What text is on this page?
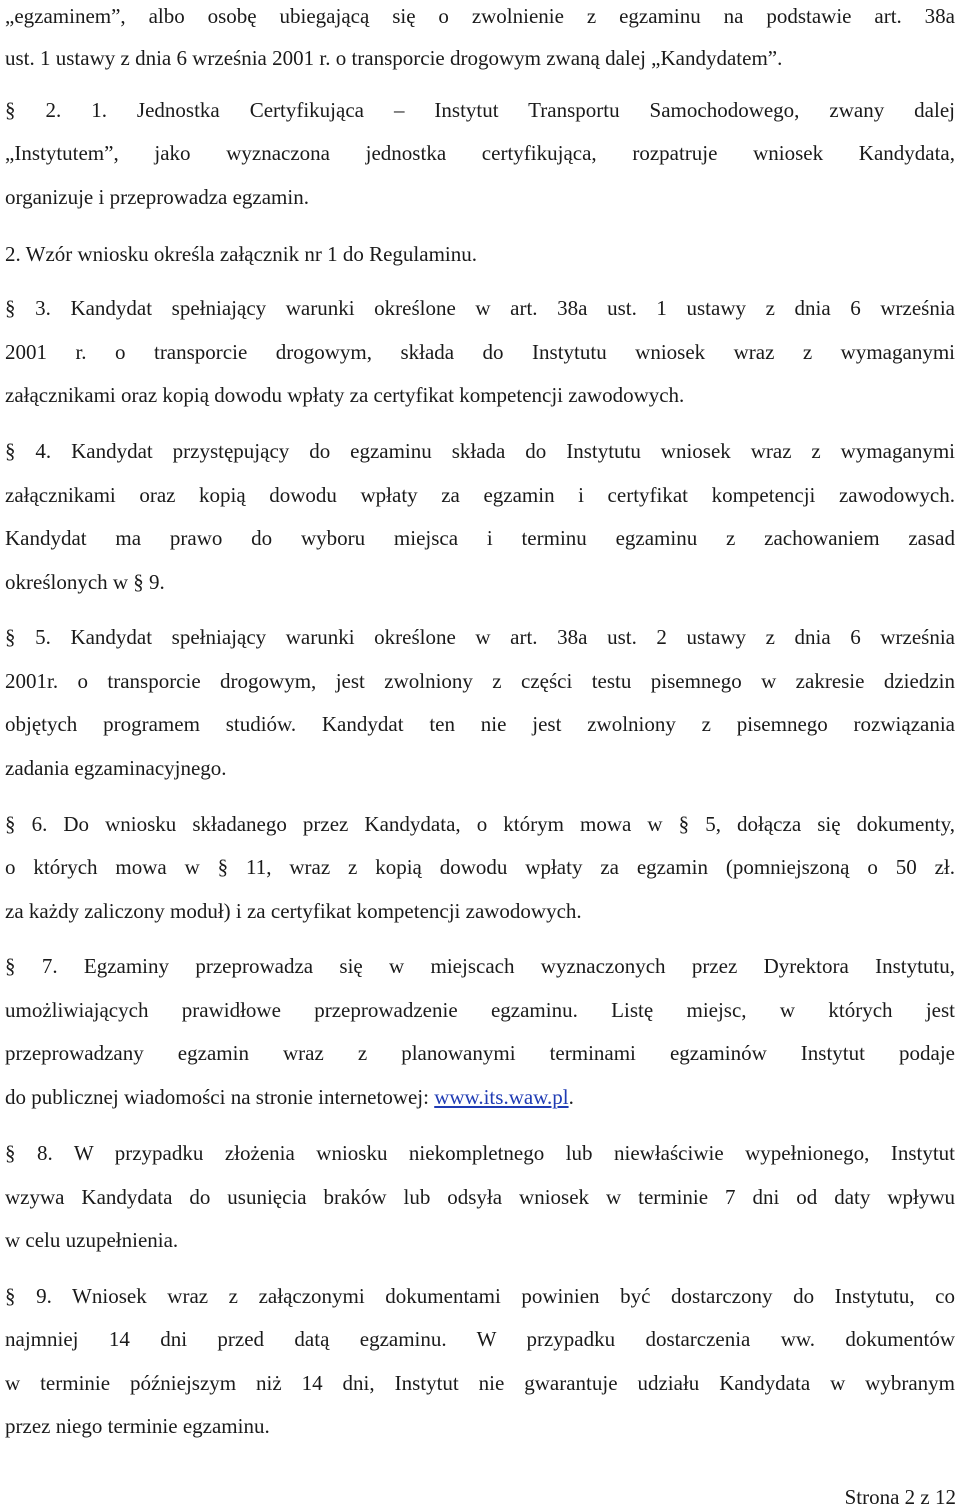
„egzaminem”, albo osobę ubiegającą się o zwolnienie z egzaminu na podstawie art. 38a
ust. 1 ustawy z dnia 6 września 2001 r. o transporcie drogowym zwaną dalej „Kandydatem”.
§ 2. 1. Jednostka Certyfikująca – Instytut Transportu Samochodowego, zwany dalej
„Instytutem”, jako wyznaczona jednostka certyfikująca, rozpatruje wniosek Kandydata,
organizuje i przeprowadza egzamin.
2. Wzór wniosku określa załącznik nr 1 do Regulaminu.
§ 3. Kandydat spełniający warunki określone w art. 38a ust. 1 ustawy z dnia 6 września
2001 r. o transporcie drogowym, składa do Instytutu wniosek wraz z wymaganymi
załącznikami oraz kopią dowodu wpłaty za certyfikat kompetencji zawodowych.
§ 4. Kandydat przystępujący do egzaminu składa do Instytutu wniosek wraz z wymaganymi
załącznikami oraz kopią dowodu wpłaty za egzamin i certyfikat kompetencji zawodowych.
Kandydat ma prawo do wyboru miejsca i terminu egzaminu z zachowaniem zasad
określonych w § 9.
§ 5. Kandydat spełniający warunki określone w art. 38a ust. 2 ustawy z dnia 6 września
2001r. o transporcie drogowym, jest zwolniony z części testu pisemnego w zakresie dziedzin
objętych programem studiów. Kandydat ten nie jest zwolniony z pisemnego rozwiązania
zadania egzaminacyjnego.
§ 6. Do wniosku składanego przez Kandydata, o którym mowa w § 5, dołącza się dokumenty,
o których mowa w § 11, wraz z kopią dowodu wpłaty za egzamin (pomniejszoną o 50 zł.
za każdy zaliczony moduł) i za certyfikat kompetencji zawodowych.
§ 7. Egzaminy przeprowadza się w miejscach wyznaczonych przez Dyrektora Instytutu,
umożliwiających prawidłowe przeprowadzenie egzaminu. Listę miejsc, w których jest
przeprowadzany egzamin wraz z planowanymi terminami egzaminów Instytut podaje
do publicznej wiadomości na stronie internetowej: www.its.waw.pl.
§ 8. W przypadku złożenia wniosku niekompletnego lub niewłaściwie wypełnionego, Instytut
wzywa Kandydata do usunięcia braków lub odsyła wniosek w terminie 7 dni od daty wpływu
w celu uzupełnienia.
§ 9. Wniosek wraz z załączonymi dokumentami powinien być dostarczony do Instytutu, co
najmniej 14 dni przed datą egzaminu. W przypadku dostarczenia ww. dokumentów
w terminie późniejszym niż 14 dni, Instytut nie gwarantuje udziału Kandydata w wybranym
przez niego terminie egzaminu.
Strona 2 z 12
